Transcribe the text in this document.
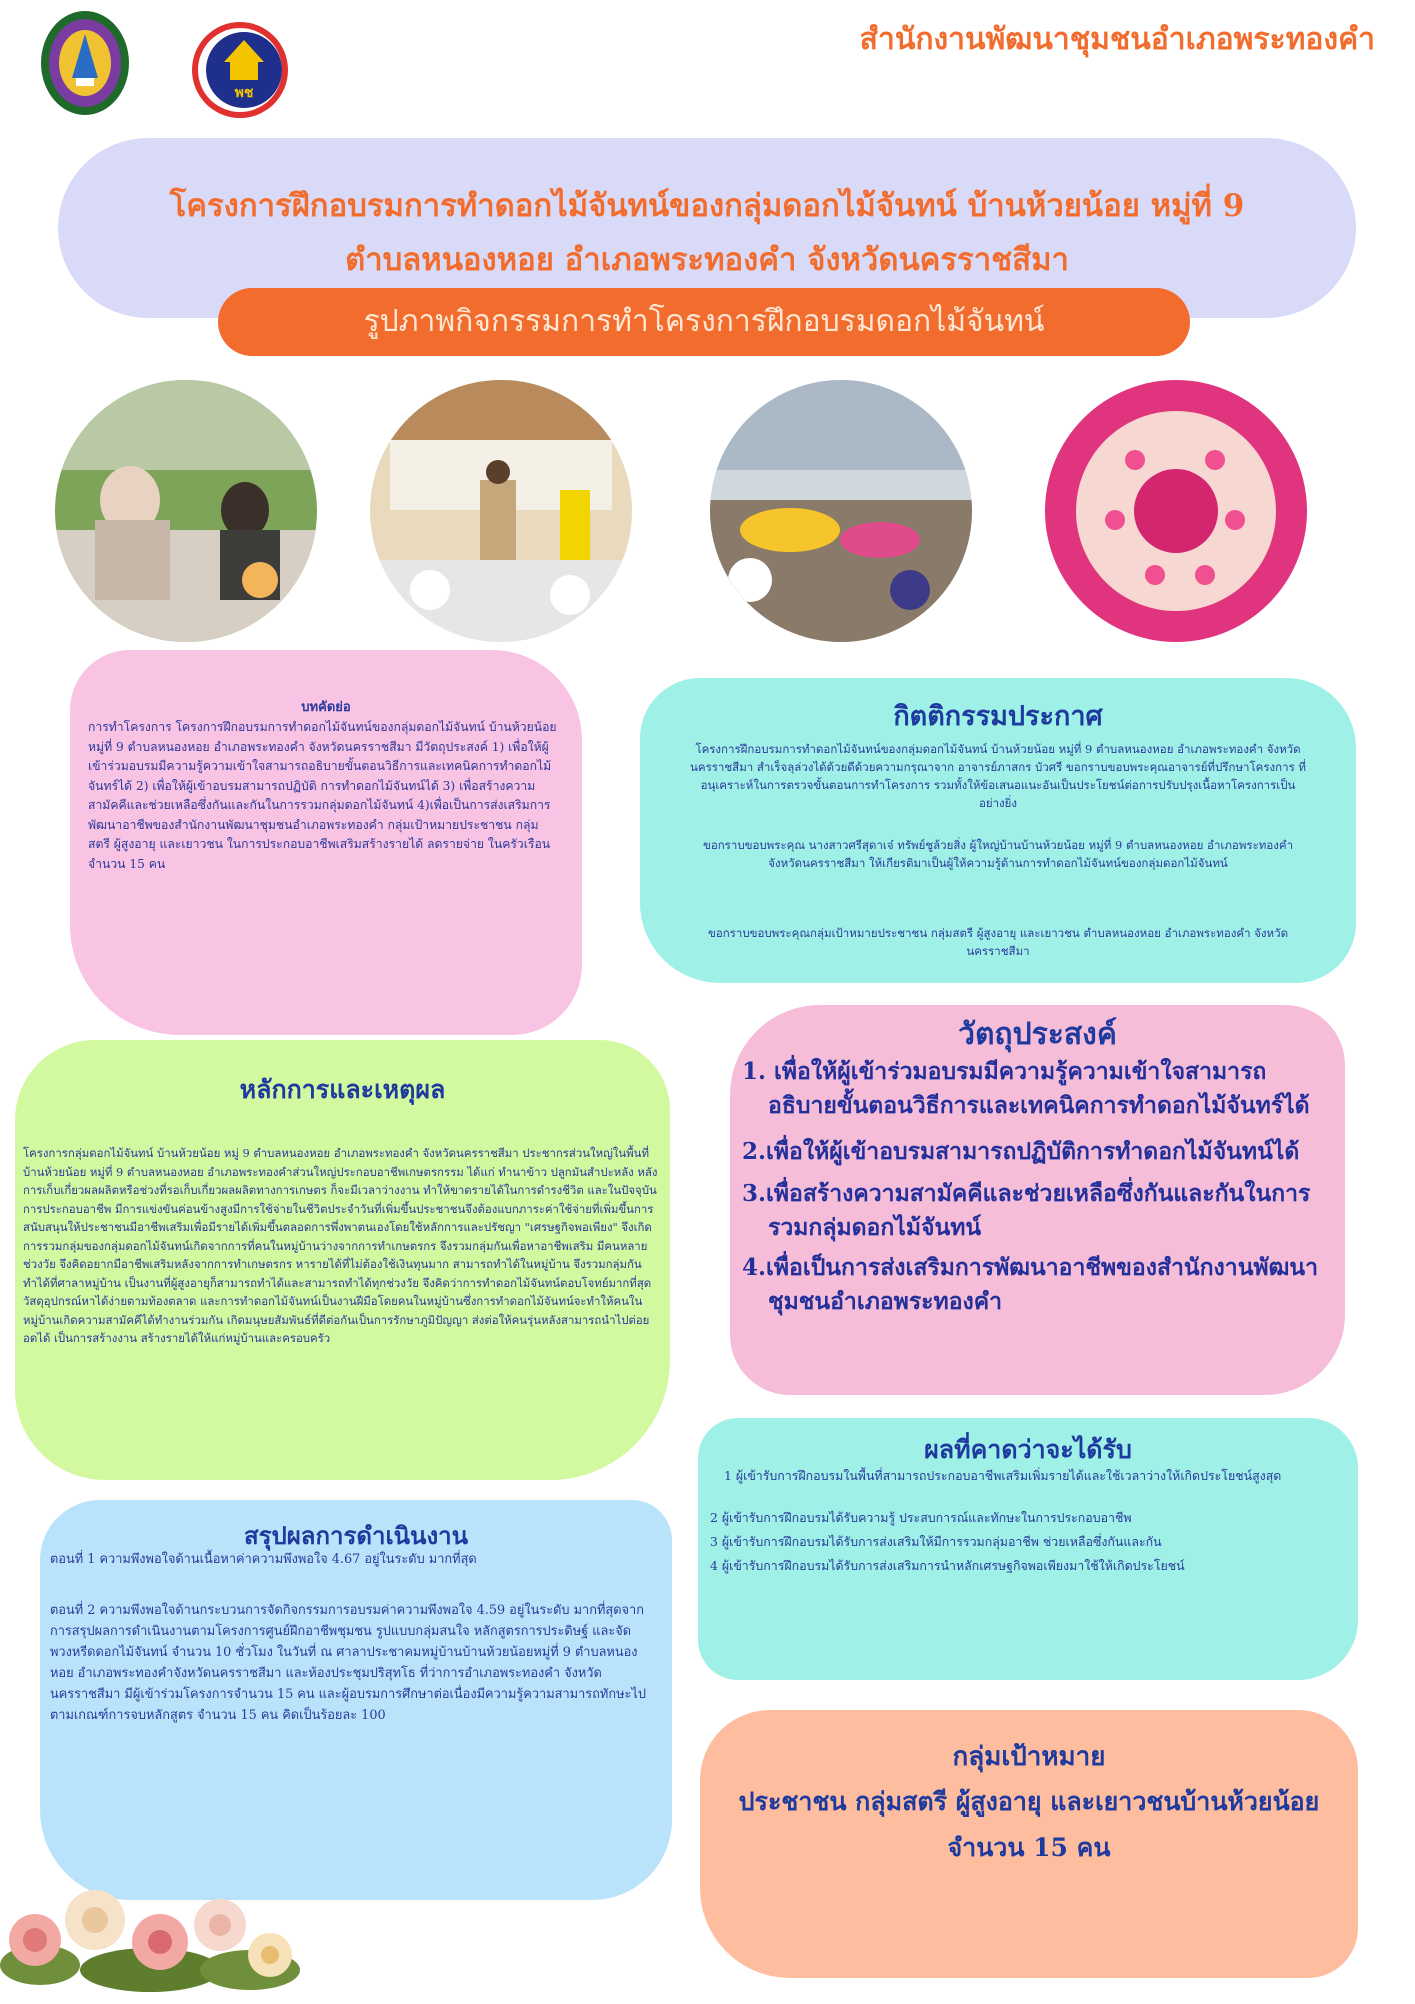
สำนักงานพัฒนาชุมชนอำเภอพระทองคำ
พช
โครงการฝึกอบรมการทำดอกไม้จันทน์ของกลุ่มดอกไม้จันทน์ บ้านห้วยน้อย หมู่ที่ 9
ตำบลหนองหอย อำเภอพระทองคำ จังหวัดนครราชสีมา
รูปภาพกิจกรรมการทำโครงการฝึกอบรมดอกไม้จันทน์
บทคัดย่อ
การทำโครงการ โครงการฝึกอบรมการทำดอกไม้จันทน์ของกลุ่มดอกไม้จันทน์ บ้านห้วยน้อย หมู่ที่ 9 ตำบลหนองหอย อำเภอพระทองคำ จังหวัดนครราชสีมา มีวัตถุประสงค์ 1) เพื่อให้ผู้เข้าร่วมอบรมมีความรู้ความเข้าใจสามารถอธิบายขั้นตอนวิธีการและเทคนิคการทำดอกไม้จันทร์ได้ 2) เพื่อให้ผู้เข้าอบรมสามารถปฏิบัติ การทำดอกไม้จันทน์ได้ 3) เพื่อสร้างความสามัคคีและช่วยเหลือซึ่งกันและกันในการรวมกลุ่มดอกไม้จันทน์ 4)เพื่อเป็นการส่งเสริมการพัฒนาอาชีพของสำนักงานพัฒนาชุมชนอำเภอพระทองคำ กลุ่มเป้าหมายประชาชน กลุ่มสตรี ผู้สูงอายุ และเยาวชน ในการประกอบอาชีพเสริมสร้างรายได้ ลดรายจ่าย ในครัวเรือน จำนวน 15 คน
กิตติกรรมประกาศ
โครงการฝึกอบรมการทำดอกไม้จันทน์ของกลุ่มดอกไม้จันทน์ บ้านห้วยน้อย หมู่ที่ 9 ตำบลหนองหอย อำเภอพระทองคำ จังหวัดนครราชสีมา สำเร็จลุล่วงได้ด้วยดีด้วยความกรุณาจาก อาจารย์ภาสกร บัวศรี ขอกราบขอบพระคุณอาจารย์ที่ปรึกษาโครงการ ที่อนุเคราะห์ในการตรวจขั้นตอนการทำโครงการ รวมทั้งให้ข้อเสนอแนะอันเป็นประโยชน์ต่อการปรับปรุงเนื้อหาโครงการเป็นอย่างยิ่ง
ขอกราบขอบพระคุณ นางสาวศรีสุดาเจ๋ ทรัพย์ชูล้วยสิ่ง ผู้ใหญ่บ้านบ้านห้วยน้อย หมู่ที่ 9 ตำบลหนองหอย อำเภอพระทองคำ จังหวัดนครราชสีมา ให้เกียรติมาเป็นผู้ให้ความรู้ด้านการทำดอกไม้จันทน์ของกลุ่มดอกไม้จันทน์
ขอกราบขอบพระคุณกลุ่มเป้าหมายประชาชน กลุ่มสตรี ผู้สูงอายุ และเยาวชน ตำบลหนองหอย อำเภอพระทองคำ จังหวัดนครราชสีมา
วัตถุประสงค์
1. เพื่อให้ผู้เข้าร่วมอบรมมีความรู้ความเข้าใจสามารถอธิบายขั้นตอนวิธีการและเทคนิคการทำดอกไม้จันทร์ได้
2.เพื่อให้ผู้เข้าอบรมสามารถปฏิบัติการทำดอกไม้จันทน์ได้
3.เพื่อสร้างความสามัคคีและช่วยเหลือซึ่งกันและกันในการรวมกลุ่มดอกไม้จันทน์
4.เพื่อเป็นการส่งเสริมการพัฒนาอาชีพของสำนักงานพัฒนาชุมชนอำเภอพระทองคำ
หลักการและเหตุผล
โครงการกลุ่มดอกไม้จันทน์ บ้านห้วยน้อย หมู่ 9 ตำบลหนองหอย อำเภอพระทองคำ จังหวัดนครราชสีมา ประชากรส่วนใหญ่ในพื้นที่บ้านห้วยน้อย หมู่ที่ 9 ตำบลหนองหอย อำเภอพระทองคำส่วนใหญ่ประกอบอาชีพเกษตรกรรม ได้แก่ ทำนาข้าว ปลูกมันสำปะหลัง หลังการเก็บเกี่ยวผลผลิตหรือช่วงที่รอเก็บเกี่ยวผลผลิตทางการเกษตร ก็จะมีเวลาว่างงาน ทำให้ขาดรายได้ในการดำรงชีวิต และในปัจจุบันการประกอบอาชีพ มีการแข่งขันค่อนข้างสูงมีการใช้จ่ายในชีวิตประจำวันที่เพิ่มขึ้นประชาชนจึงต้องแบกภาระค่าใช้จ่ายที่เพิ่มขึ้นการสนับสนุนให้ประชาชนมีอาชีพเสริมเพื่อมีรายได้เพิ่มขึ้นตลอดการพึ่งพาตนเองโดยใช้หลักการและปรัชญา "เศรษฐกิจพอเพียง" จึงเกิดการรวมกลุ่มของกลุ่มดอกไม้จันทน์เกิดจากการที่คนในหมู่บ้านว่างจากการทำเกษตรกร จึงรวมกลุ่มกันเพื่อหาอาชีพเสริม มีคนหลายช่วงวัย จึงคิดอยากมีอาชีพเสริมหลังจากการทำเกษตรกร หารายได้ที่ไม่ต้องใช้เงินทุนมาก สามารถทำได้ในหมู่บ้าน จึงรวมกลุ่มกันทำได้ที่ศาลาหมู่บ้าน เป็นงานที่ผู้สูงอายุก็สามารถทำได้และสามารถทำได้ทุกช่วงวัย จึงคิดว่าการทำดอกไม้จันทน์ตอบโจทย์มากที่สุด วัสดุอุปกรณ์หาได้ง่ายตามท้องตลาด และการทำดอกไม้จันทน์เป็นงานฝีมือโดยคนในหมู่บ้านซึ่งการทำดอกไม้จันทน์จะทำให้คนในหมู่บ้านเกิดความสามัคคีได้ทำงานร่วมกัน เกิดมนุษยสัมพันธ์ที่ดีต่อกันเป็นการรักษาภูมิปัญญา ส่งต่อให้คนรุ่นหลังสามารถนำไปต่อยอดได้ เป็นการสร้างงาน สร้างรายได้ให้แก่หมู่บ้านและครอบครัว
ผลที่คาดว่าจะได้รับ
1 ผู้เข้ารับการฝึกอบรมในพื้นที่สามารถประกอบอาชีพเสริมเพิ่มรายได้และใช้เวลาว่างให้เกิดประโยชน์สูงสุด
2 ผู้เข้ารับการฝึกอบรมได้รับความรู้ ประสบการณ์และทักษะในการประกอบอาชีพ
3 ผู้เข้ารับการฝึกอบรมได้รับการส่งเสริมให้มีการรวมกลุ่มอาชีพ ช่วยเหลือซึ่งกันและกัน
4 ผู้เข้ารับการฝึกอบรมได้รับการส่งเสริมการนำหลักเศรษฐกิจพอเพียงมาใช้ให้เกิดประโยชน์
สรุปผลการดำเนินงาน
ตอนที่ 1 ความพึงพอใจด้านเนื้อหาค่าความพึงพอใจ 4.67 อยู่ในระดับ มากที่สุด
ตอนที่ 2 ความพึงพอใจด้านกระบวนการจัดกิจกรรมการอบรมค่าความพึงพอใจ 4.59 อยู่ในระดับ มากที่สุดจากการสรุปผลการดำเนินงานตามโครงการศูนย์ฝึกอาชีพชุมชน รูปแบบกลุ่มสนใจ หลักสูตรการประดิษฐ์ และจัดพวงหรีดดอกไม้จันทน์ จำนวน 10 ชั่วโมง ในวันที่ ณ ศาลาประชาคมหมู่บ้านบ้านห้วยน้อยหมู่ที่ 9 ตำบลหนองหอย อำเภอพระทองคำจังหวัดนครราชสีมา และห้องประชุมปริสุทโธ ที่ว่าการอำเภอพระทองคำ จังหวัดนครราชสีมา มีผู้เข้าร่วมโครงการจำนวน 15 คน และผู้อบรมการศึกษาต่อเนื่องมีความรู้ความสามารถทักษะไปตามเกณฑ์การจบหลักสูตร จำนวน 15 คน คิดเป็นร้อยละ 100
กลุ่มเป้าหมาย
ประชาชน กลุ่มสตรี ผู้สูงอายุ และเยาวชนบ้านห้วยน้อย
จำนวน 15 คน
